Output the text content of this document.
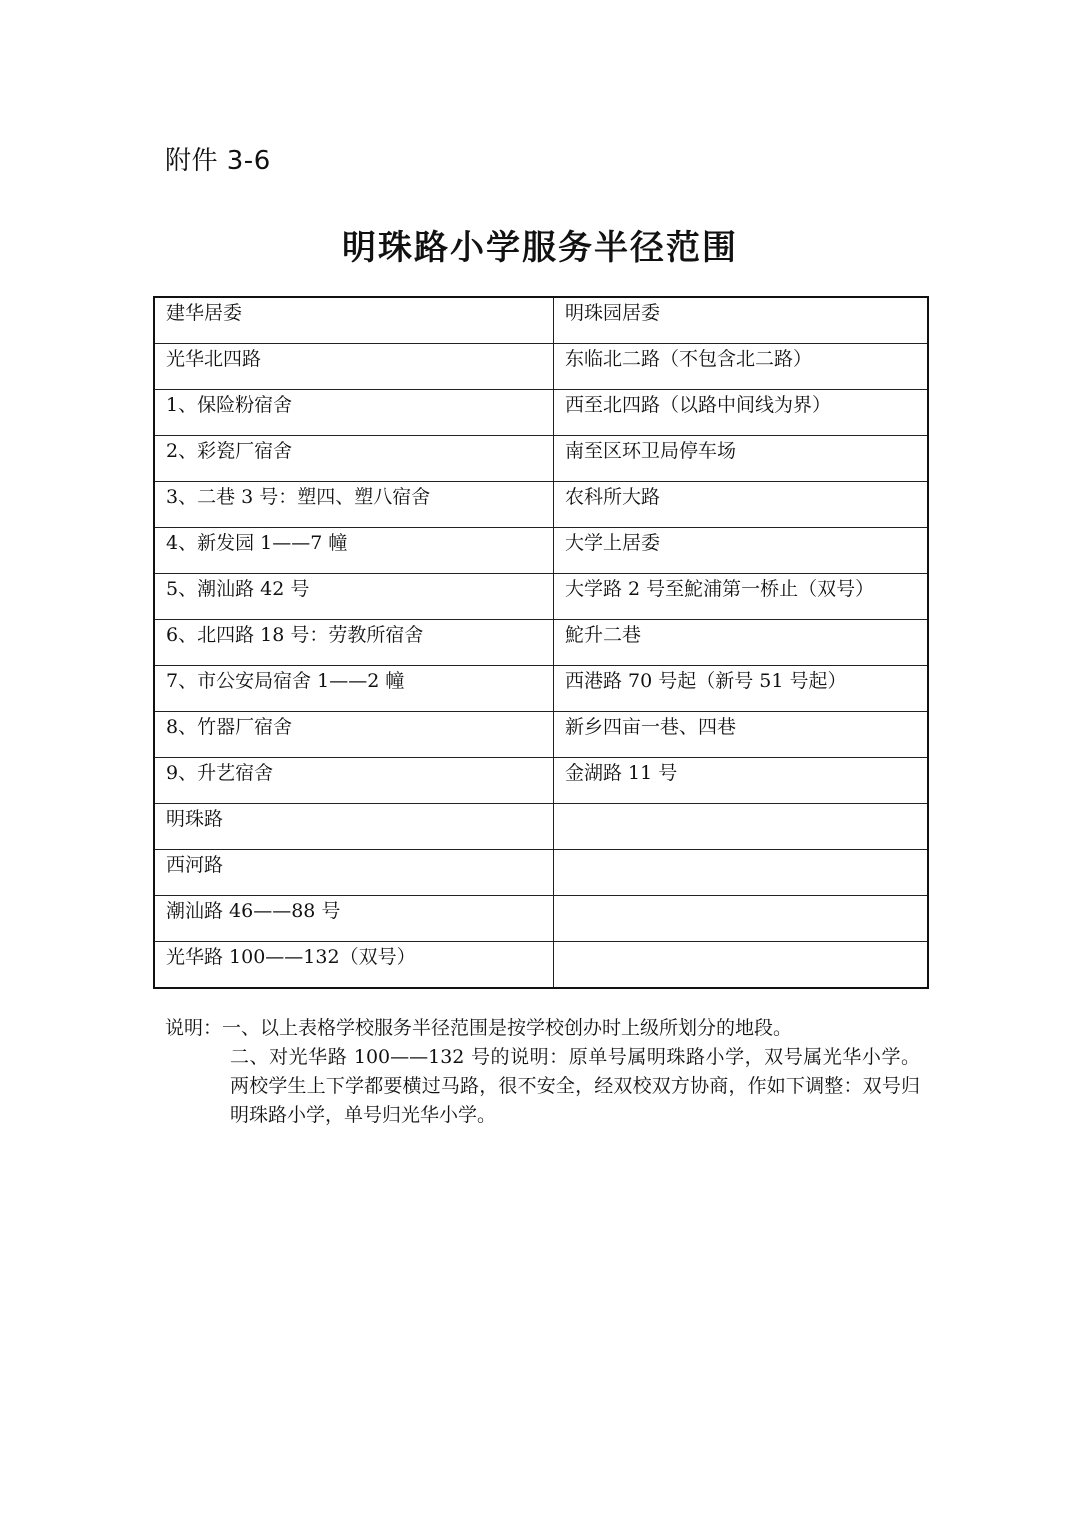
附件 3-6
明珠路小学服务半径范围
建华居委	明珠园居委
光华北四路	东临北二路（不包含北二路）
1、保险粉宿舍	西至北四路（以路中间线为界）
2、彩瓷厂宿舍	南至区环卫局停车场
3、二巷 3 号：塑四、塑八宿舍	农科所大路
4、新发园 1——7 幢	大学上居委
5、潮汕路 42 号	大学路 2 号至鮀浦第一桥止（双号）
6、北四路 18 号：劳教所宿舍	鮀升二巷
7、市公安局宿舍 1——2 幢	西港路 70 号起（新号 51 号起）
8、竹器厂宿舍	新乡四亩一巷、四巷
9、升艺宿舍	金湖路 11 号
明珠路	
西河路	
潮汕路 46——88 号	
光华路 100——132（双号）	
说明： 一、以上表格学校服务半径范围是按学校创办时上级所划分的地段。
二、对光华路 100——132 号的说明：原单号属明珠路小学，双号属光华小学。两校学生上下学都要横过马路，很不安全，经双校双方协商，作如下调整：双号归明珠路小学，单号归光华小学。
